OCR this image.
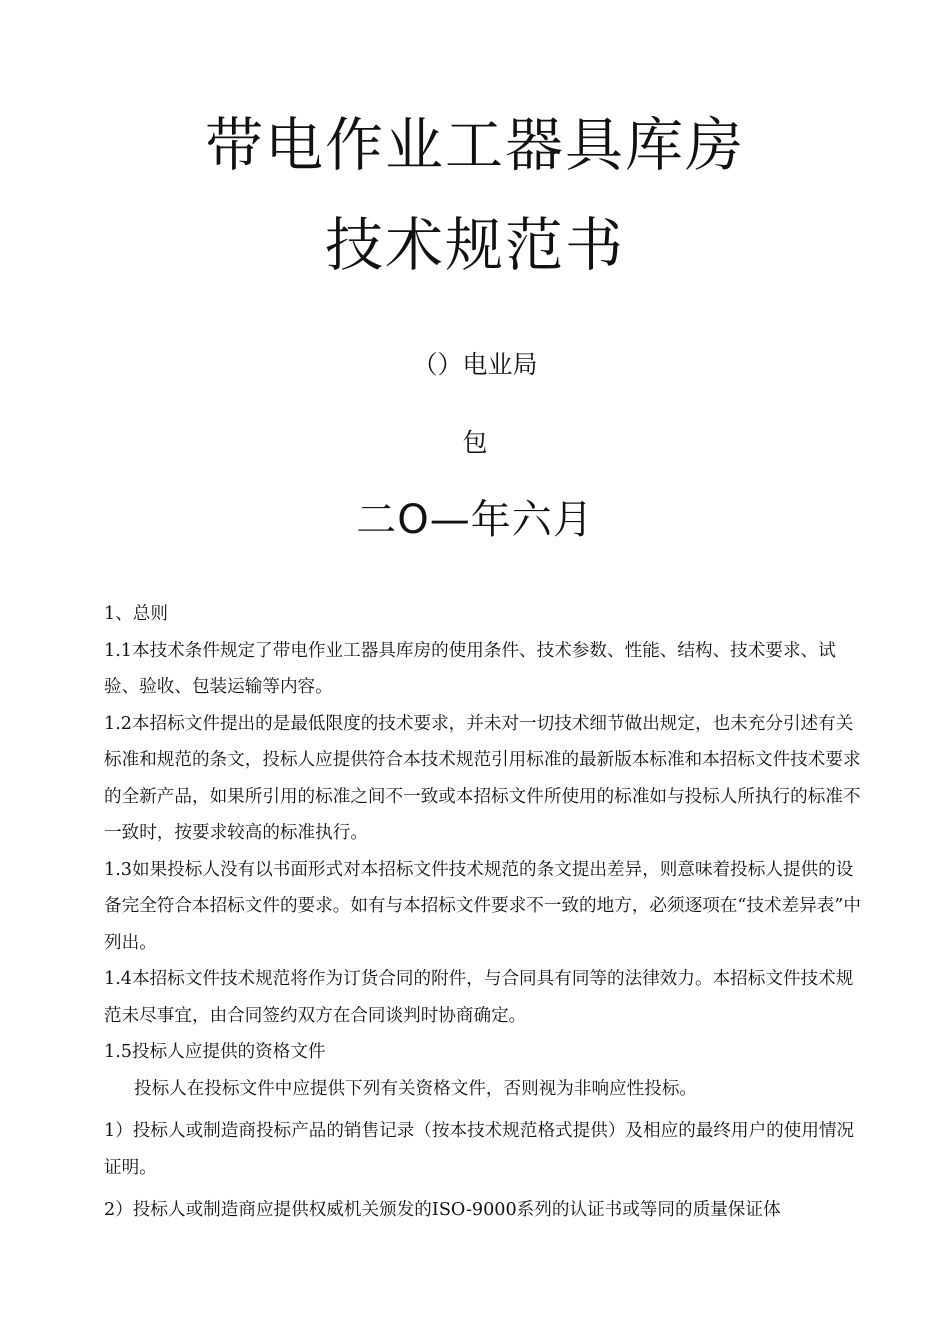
带电作业工器具库房
技术规范书
（）电业局
包
二O—年六月

1、总则

1.1本技术条件规定了带电作业工器具库房的使用条件、技术参数、性能、结构、技术要求、试验、验收、包装运输等内容。

1.2本招标文件提出的是最低限度的技术要求，并未对一切技术细节做出规定，也未充分引述有关标准和规范的条文，投标人应提供符合本技术规范引用标准的最新版本标准和本招标文件技术要求的全新产品，如果所引用的标准之间不一致或本招标文件所使用的标准如与投标人所执行的标准不一致时，按要求较高的标准执行。

1.3如果投标人没有以书面形式对本招标文件技术规范的条文提出差异，则意味着投标人提供的设备完全符合本招标文件的要求。如有与本招标文件要求不一致的地方，必须逐项在“技术差异表”中列出。

1.4本招标文件技术规范将作为订货合同的附件，与合同具有同等的法律效力。本招标文件技术规范未尽事宜，由合同签约双方在合同谈判时协商确定。

1.5投标人应提供的资格文件

投标人在投标文件中应提供下列有关资格文件，否则视为非响应性投标。

1）投标人或制造商投标产品的销售记录（按本技术规范格式提供）及相应的最终用户的使用情况证明。

2）投标人或制造商应提供权威机关颁发的ISO-9000系列的认证书或等同的质量保证体
